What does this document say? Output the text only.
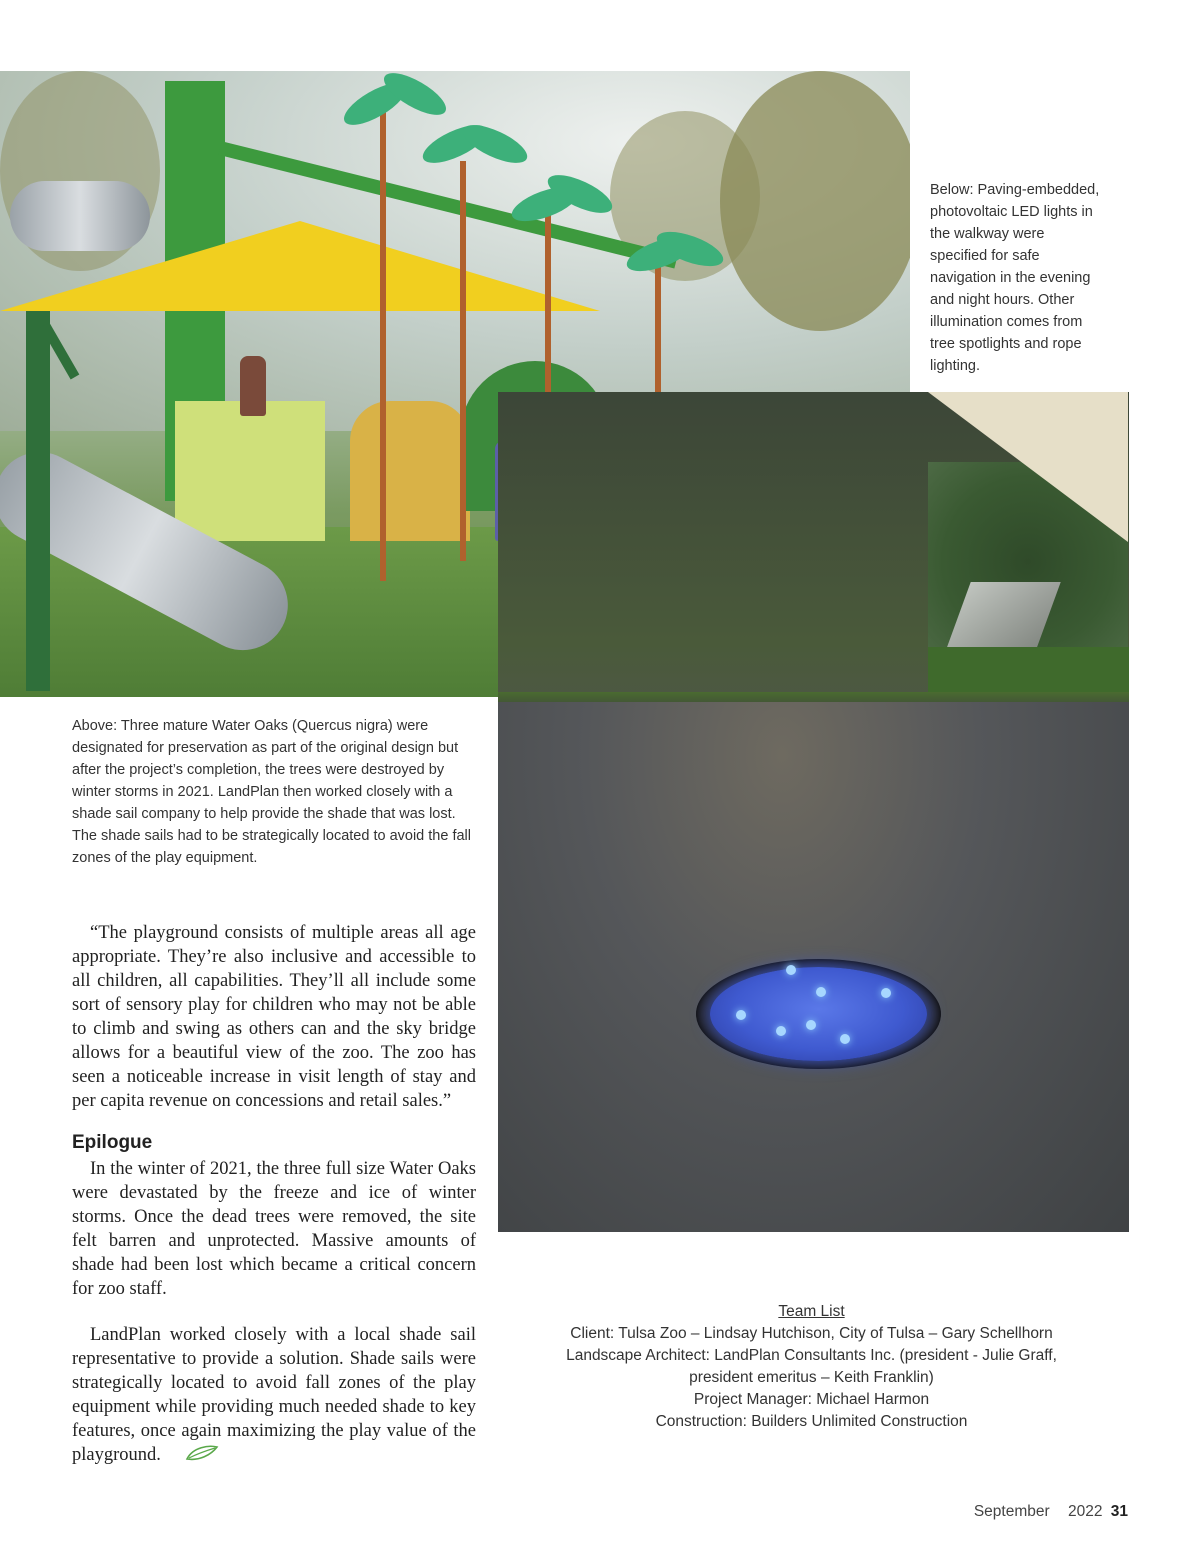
Below: Paving-embedded, photovoltaic LED lights in the walkway were specified for safe navigation in the evening and night hours. Other illumination comes from tree spotlights and rope lighting.

Above: Three mature Water Oaks (Quercus nigra) were designated for preservation as part of the original design but after the project’s completion, the trees were destroyed by winter storms in 2021. LandPlan then worked closely with a shade sail company to help provide the shade that was lost. The shade sails had to be strategically located to avoid the fall zones of the play equipment.

“The playground consists of multiple areas all age appropriate. They’re also inclusive and accessible to all children, all capabilities. They’ll all include some sort of sensory play for children who may not be able to climb and swing as others can and the sky bridge allows for a beautiful view of the zoo. The zoo has seen a noticeable increase in visit length of stay and per capita revenue on concessions and retail sales.”

Epilogue

In the winter of 2021, the three full size Water Oaks were devastated by the freeze and ice of winter storms. Once the dead trees were removed, the site felt barren and unprotected. Massive amounts of shade had been lost which became a critical concern for zoo staff.

LandPlan worked closely with a local shade sail representative to provide a solution. Shade sails were strategically located to avoid fall zones of the play equipment while providing much needed shade to key features, once again maximizing the play value of the playground.

Team List
Client: Tulsa Zoo – Lindsay Hutchison, City of Tulsa – Gary Schellhorn
Landscape Architect: LandPlan Consultants Inc. (president - Julie Graff, president emeritus – Keith Franklin)
Project Manager: Michael Harmon
Construction: Builders Unlimited Construction
September 2022 31
